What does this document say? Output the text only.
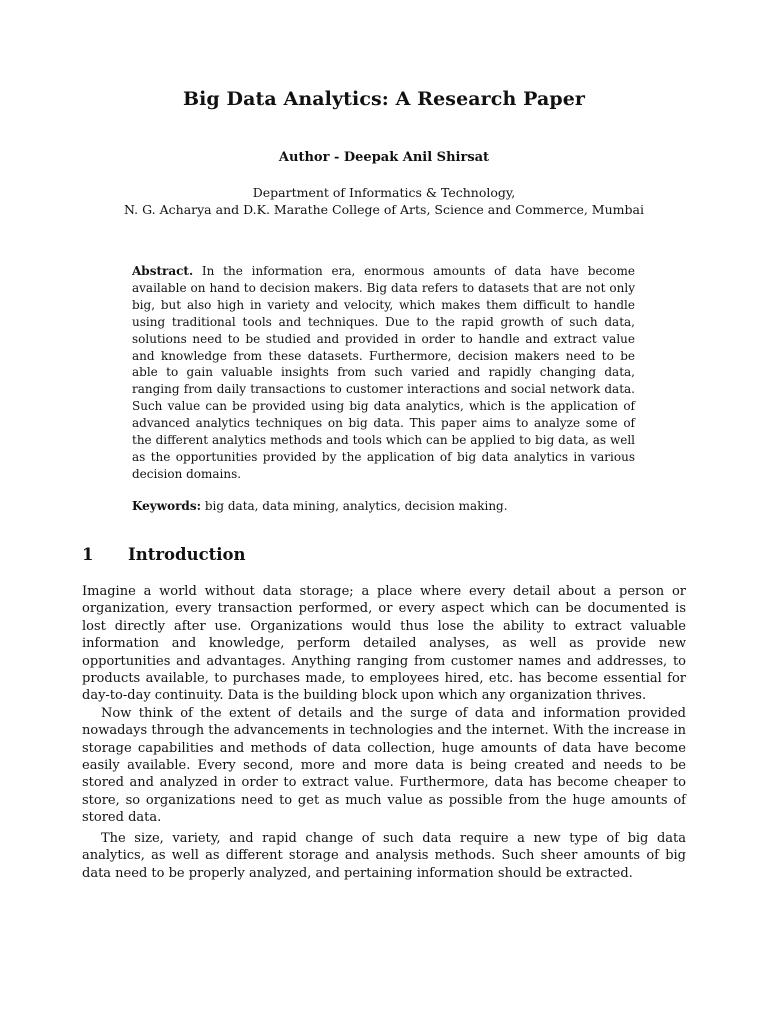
Big Data Analytics: A Research Paper
Author - Deepak Anil Shirsat
Department of Informatics & Technology,
N. G. Acharya and D.K. Marathe College of Arts, Science and Commerce, Mumbai

Abstract. In the information era, enormous amounts of data have become available on hand to decision makers. Big data refers to datasets that are not only big, but also high in variety and velocity, which makes them difficult to handle using traditional tools and techniques. Due to the rapid growth of such data, solutions need to be studied and provided in order to handle and extract value and knowledge from these datasets. Furthermore, decision makers need to be able to gain valuable insights from such varied and rapidly changing data, ranging from daily transactions to customer interactions and social network data. Such value can be provided using big data analytics, which is the application of advanced analytics techniques on big data. This paper aims to analyze some of the different analytics methods and tools which can be applied to big data, as well as the opportunities provided by the application of big data analytics in various decision domains.

Keywords: big data, data mining, analytics, decision making.

1 Introduction

Imagine a world without data storage; a place where every detail about a person or organization, every transaction performed, or every aspect which can be documented is lost directly after use. Organizations would thus lose the ability to extract valuable information and knowledge, perform detailed analyses, as well as provide new opportunities and advantages. Anything ranging from customer names and addresses, to products available, to purchases made, to employees hired, etc. has become essential for day-to-day continuity. Data is the building block upon which any organization thrives.

Now think of the extent of details and the surge of data and information provided nowadays through the advancements in technologies and the internet. With the increase in storage capabilities and methods of data collection, huge amounts of data have become easily available. Every second, more and more data is being created and needs to be stored and analyzed in order to extract value. Furthermore, data has become cheaper to store, so organizations need to get as much value as possible from the huge amounts of stored data.

The size, variety, and rapid change of such data require a new type of big data analytics, as well as different storage and analysis methods. Such sheer amounts of big data need to be properly analyzed, and pertaining information should be extracted.
